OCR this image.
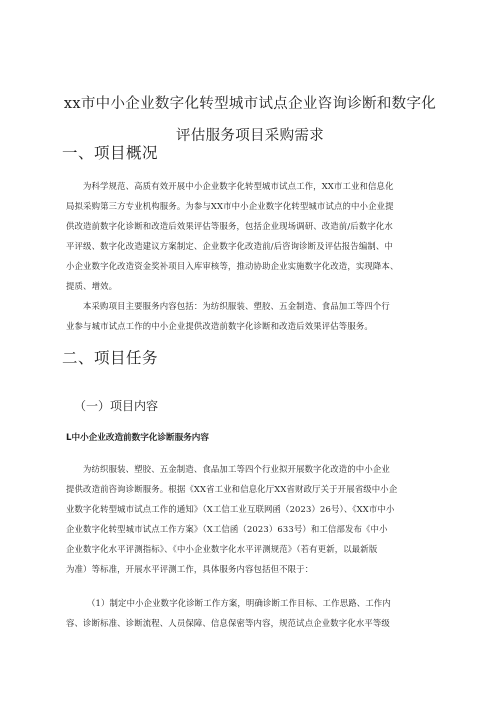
xx市中小企业数字化转型城市试点企业咨询诊断和数字化
评估服务项目采购需求
一、项目概况
为科学规范、高质有效开展中小企业数字化转型城市试点工作，XX市工业和信息化
局拟采购第三方专业机构服务。为参与XX市中小企业数字化转型城市试点的中小企业提
供改造前数字化诊断和改造后效果评估等服务，包括企业现场调研、改造前/后数字化水
平评级、数字化改造建议方案制定、企业数字化改造前/后咨询诊断及评估报告编制、中
小企业数字化改造资金奖补项目入库审核等，推动协助企业实施数字化改造，实现降本、
提质、增效。
本采购项目主要服务内容包括：为纺织服装、塑胶、五金制造、食品加工等四个行
业参与城市试点工作的中小企业提供改造前数字化诊断和改造后效果评估等服务。
二、项目任务
（一）项目内容
L中小企业改造前数字化诊断服务内容
为纺织服装、塑胶、五金制造、食品加工等四个行业拟开展数字化改造的中小企业
提供改造前咨询诊断服务。根据《XX省工业和信息化厅XX省财政厅关于开展省级中小企
业数字化转型城市试点工作的通知》（X工信工业互联网函（2023）26号）、《XX市中小
企业数字化转型城市试点工作方案》（X工信函（2023）633号）和工信部发布《中小
企业数字化水平评测指标》、《中小企业数字化水平评测规范》（若有更新，以最新版
为准）等标准，开展水平评测工作，具体服务内容包括但不限于：
（1）制定中小企业数字化诊断工作方案，明确诊断工作目标、工作思路、工作内
容、诊断标准、诊断流程、人员保障、信息保密等内容，规范试点企业数字化水平等级
